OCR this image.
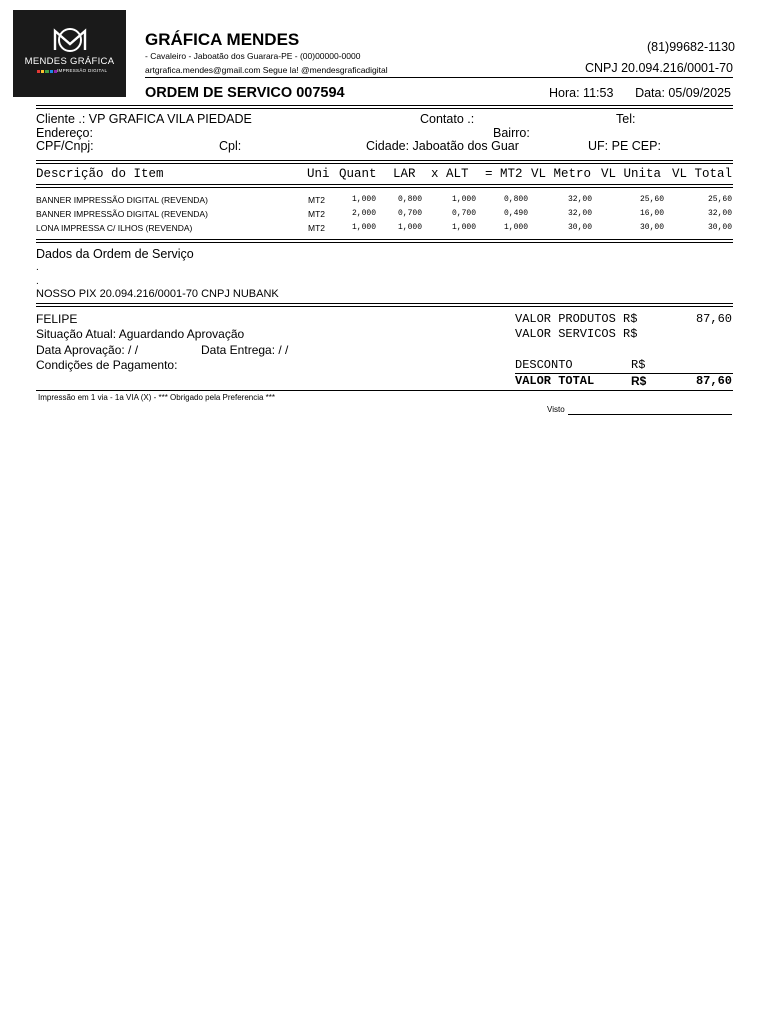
MENDES GRÁFICA
IMPRESSÃO DIGITAL
GRÁFICA MENDES
- Cavaleiro - Jaboatão dos Guarara-PE - (00)00000-0000
artgrafica.mendes@gmail.com Segue la! @mendesgraficadigital
(81)99682-1130
CNPJ 20.094.216/0001-70
ORDEM DE SERVICO 007594	Hora: 11:53 Data: 05/09/2025
Cliente .: VP GRAFICA VILA PIEDADE	Contato .:	Tel:
Endereço:	Bairro:
CPF/Cnpj:	Cpl:	Cidade: Jaboatão dos Guar	UF: PE CEP:
Descrição do Item	Uni Quant LAR x ALT = MT2 VL Metro VL Unita VL Total
BANNER IMPRESSÃO DIGITAL (REVENDA)	MT2	1,000	0,800	1,000	0,800	32,00	25,60	25,60
BANNER IMPRESSÃO DIGITAL (REVENDA)	MT2	2,000	0,700	0,700	0,490	32,00	16,00	32,00
LONA IMPRESSA C/ ILHOS (REVENDA)	MT2	1,000	1,000	1,000	1,000	30,00	30,00	30,00
Dados da Ordem de Serviço
.
.
NOSSO PIX 20.094.216/0001-70 CNPJ NUBANK
FELIPE
Situação Atual: Aguardando Aprovação
Data Aprovação: / /	Data Entrega: / /
Condições de Pagamento:
VALOR PRODUTOS R$	87,60
VALOR SERVICOS R$
DESCONTO	R$
VALOR TOTAL	R$	87,60
Impressão em 1 via - 1a VIA (X) - *** Obrigado pela Preferencia ***
Visto
